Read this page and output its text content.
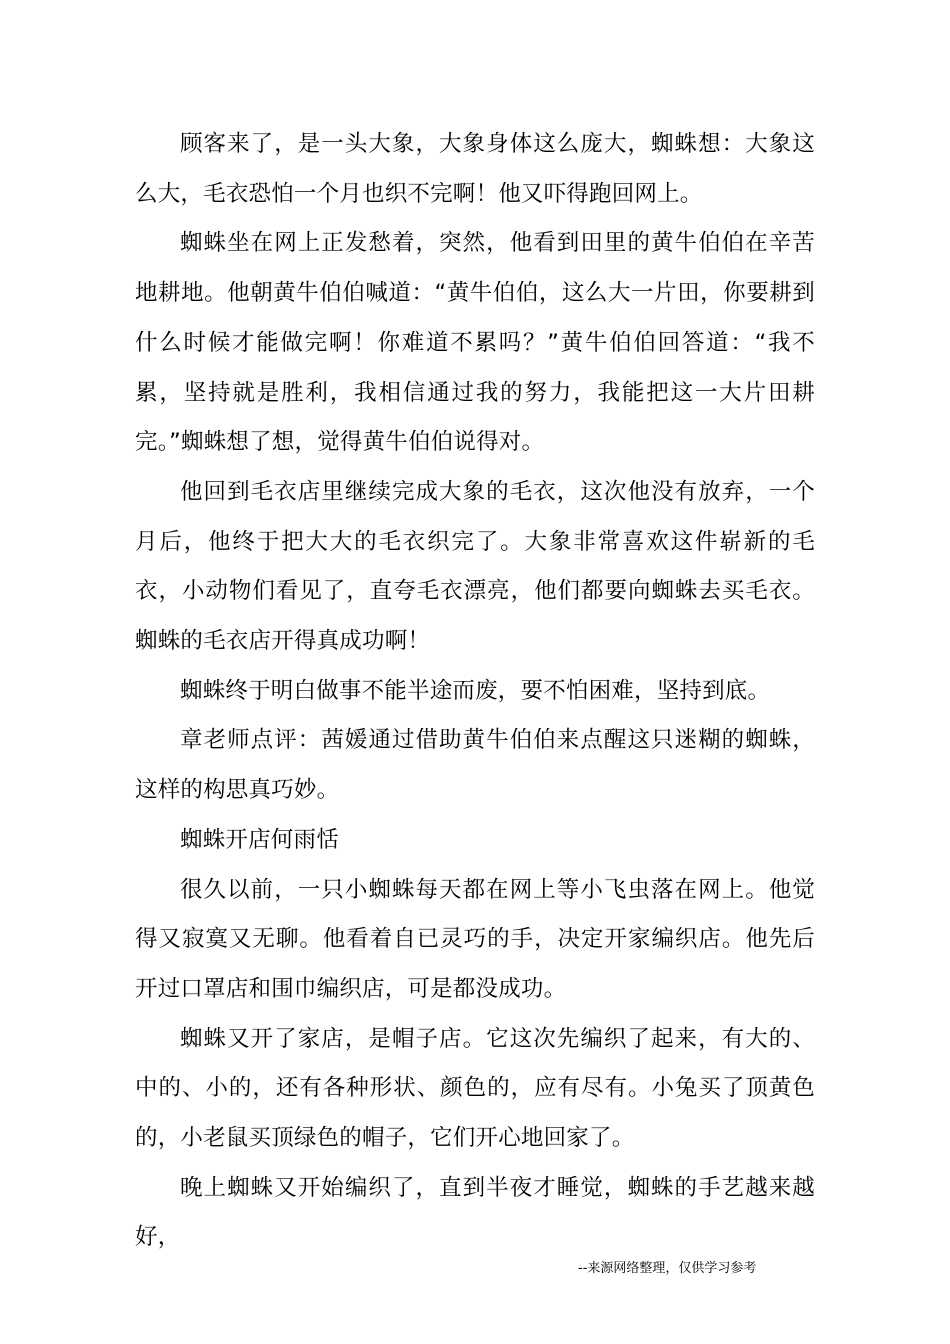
顾客来了，是一头大象，大象身体这么庞大，蜘蛛想：大象这么大，毛衣恐怕一个月也织不完啊！他又吓得跑回网上。

蜘蛛坐在网上正发愁着，突然，他看到田里的黄牛伯伯在辛苦地耕地。他朝黄牛伯伯喊道：“黄牛伯伯，这么大一片田，你要耕到什么时候才能做完啊！你难道不累吗？”黄牛伯伯回答道：“我不累，坚持就是胜利，我相信通过我的努力，我能把这一大片田耕完。”蜘蛛想了想，觉得黄牛伯伯说得对。

他回到毛衣店里继续完成大象的毛衣，这次他没有放弃，一个月后，他终于把大大的毛衣织完了。大象非常喜欢这件崭新的毛衣，小动物们看见了，直夸毛衣漂亮，他们都要向蜘蛛去买毛衣。蜘蛛的毛衣店开得真成功啊！

蜘蛛终于明白做事不能半途而废，要不怕困难，坚持到底。

章老师点评：茜媛通过借助黄牛伯伯来点醒这只迷糊的蜘蛛，这样的构思真巧妙。

蜘蛛开店何雨恬

很久以前，一只小蜘蛛每天都在网上等小飞虫落在网上。他觉得又寂寞又无聊。他看着自已灵巧的手，决定开家编织店。他先后开过口罩店和围巾编织店，可是都没成功。

蜘蛛又开了家店，是帽子店。它这次先编织了起来，有大的、中的、小的，还有各种形状、颜色的，应有尽有。小兔买了顶黄色的，小老鼠买顶绿色的帽子，它们开心地回家了。

晚上蜘蛛又开始编织了，直到半夜才睡觉，蜘蛛的手艺越来越好，

--来源网络整理，仅供学习参考
